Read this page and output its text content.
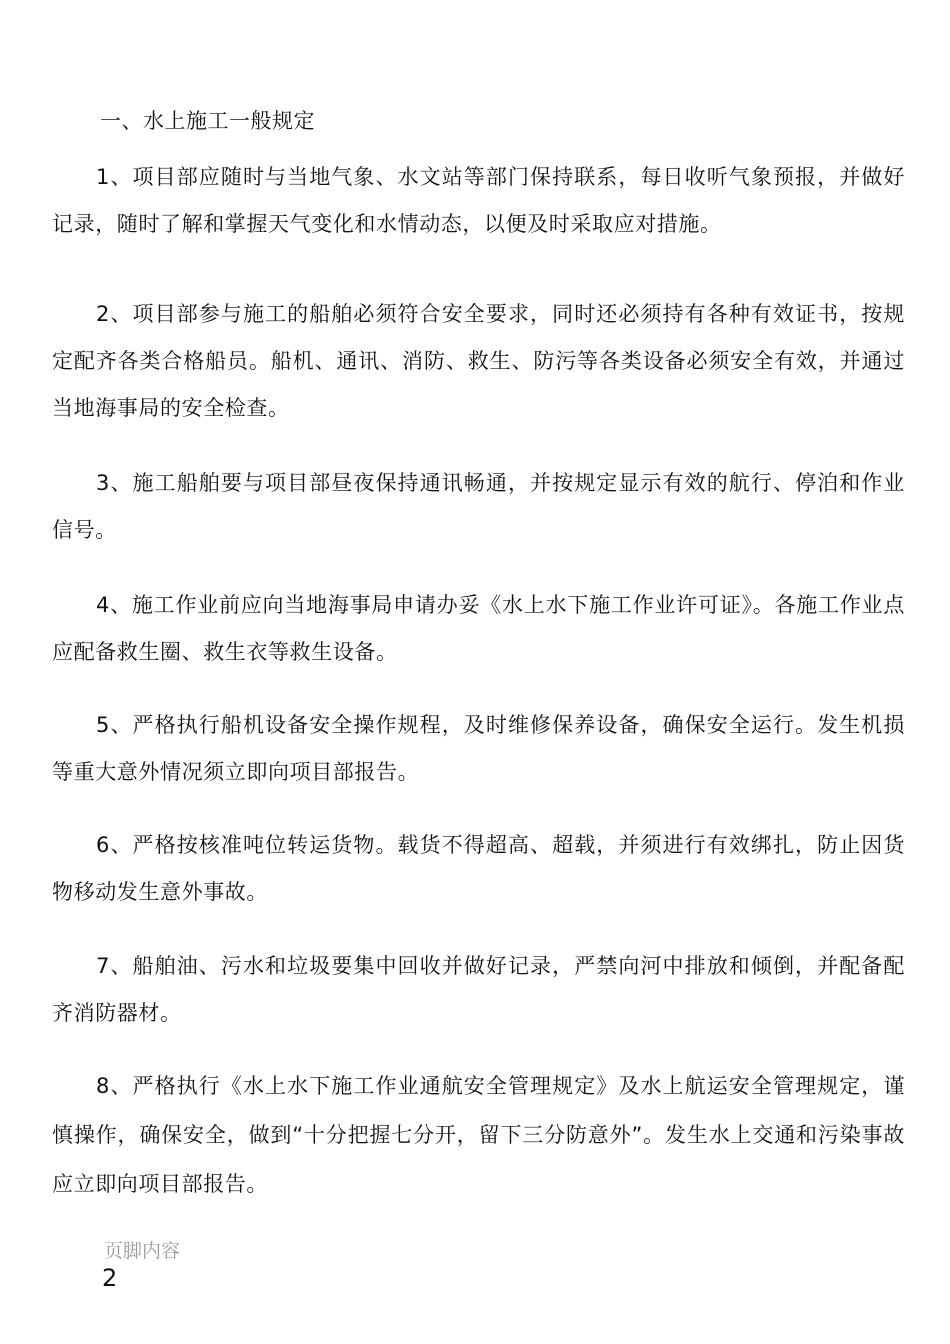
一、水上施工一般规定

1、项目部应随时与当地气象、水文站等部门保持联系，每日收听气象预报，并做好记录，随时了解和掌握天气变化和水情动态，以便及时采取应对措施。

2、项目部参与施工的船舶必须符合安全要求，同时还必须持有各种有效证书，按规定配齐各类合格船员。船机、通讯、消防、救生、防污等各类设备必须安全有效，并通过当地海事局的安全检查。

3、施工船舶要与项目部昼夜保持通讯畅通，并按规定显示有效的航行、停泊和作业信号。

4、施工作业前应向当地海事局申请办妥《水上水下施工作业许可证》。各施工作业点应配备救生圈、救生衣等救生设备。

5、严格执行船机设备安全操作规程，及时维修保养设备，确保安全运行。发生机损等重大意外情况须立即向项目部报告。

6、严格按核准吨位转运货物。载货不得超高、超载，并须进行有效绑扎，防止因货物移动发生意外事故。

7、船舶油、污水和垃圾要集中回收并做好记录，严禁向河中排放和倾倒，并配备配齐消防器材。

8、严格执行《水上水下施工作业通航安全管理规定》及水上航运安全管理规定，谨慎操作，确保安全，做到“十分把握七分开，留下三分防意外”。发生水上交通和污染事故应立即向项目部报告。

页脚内容
2
